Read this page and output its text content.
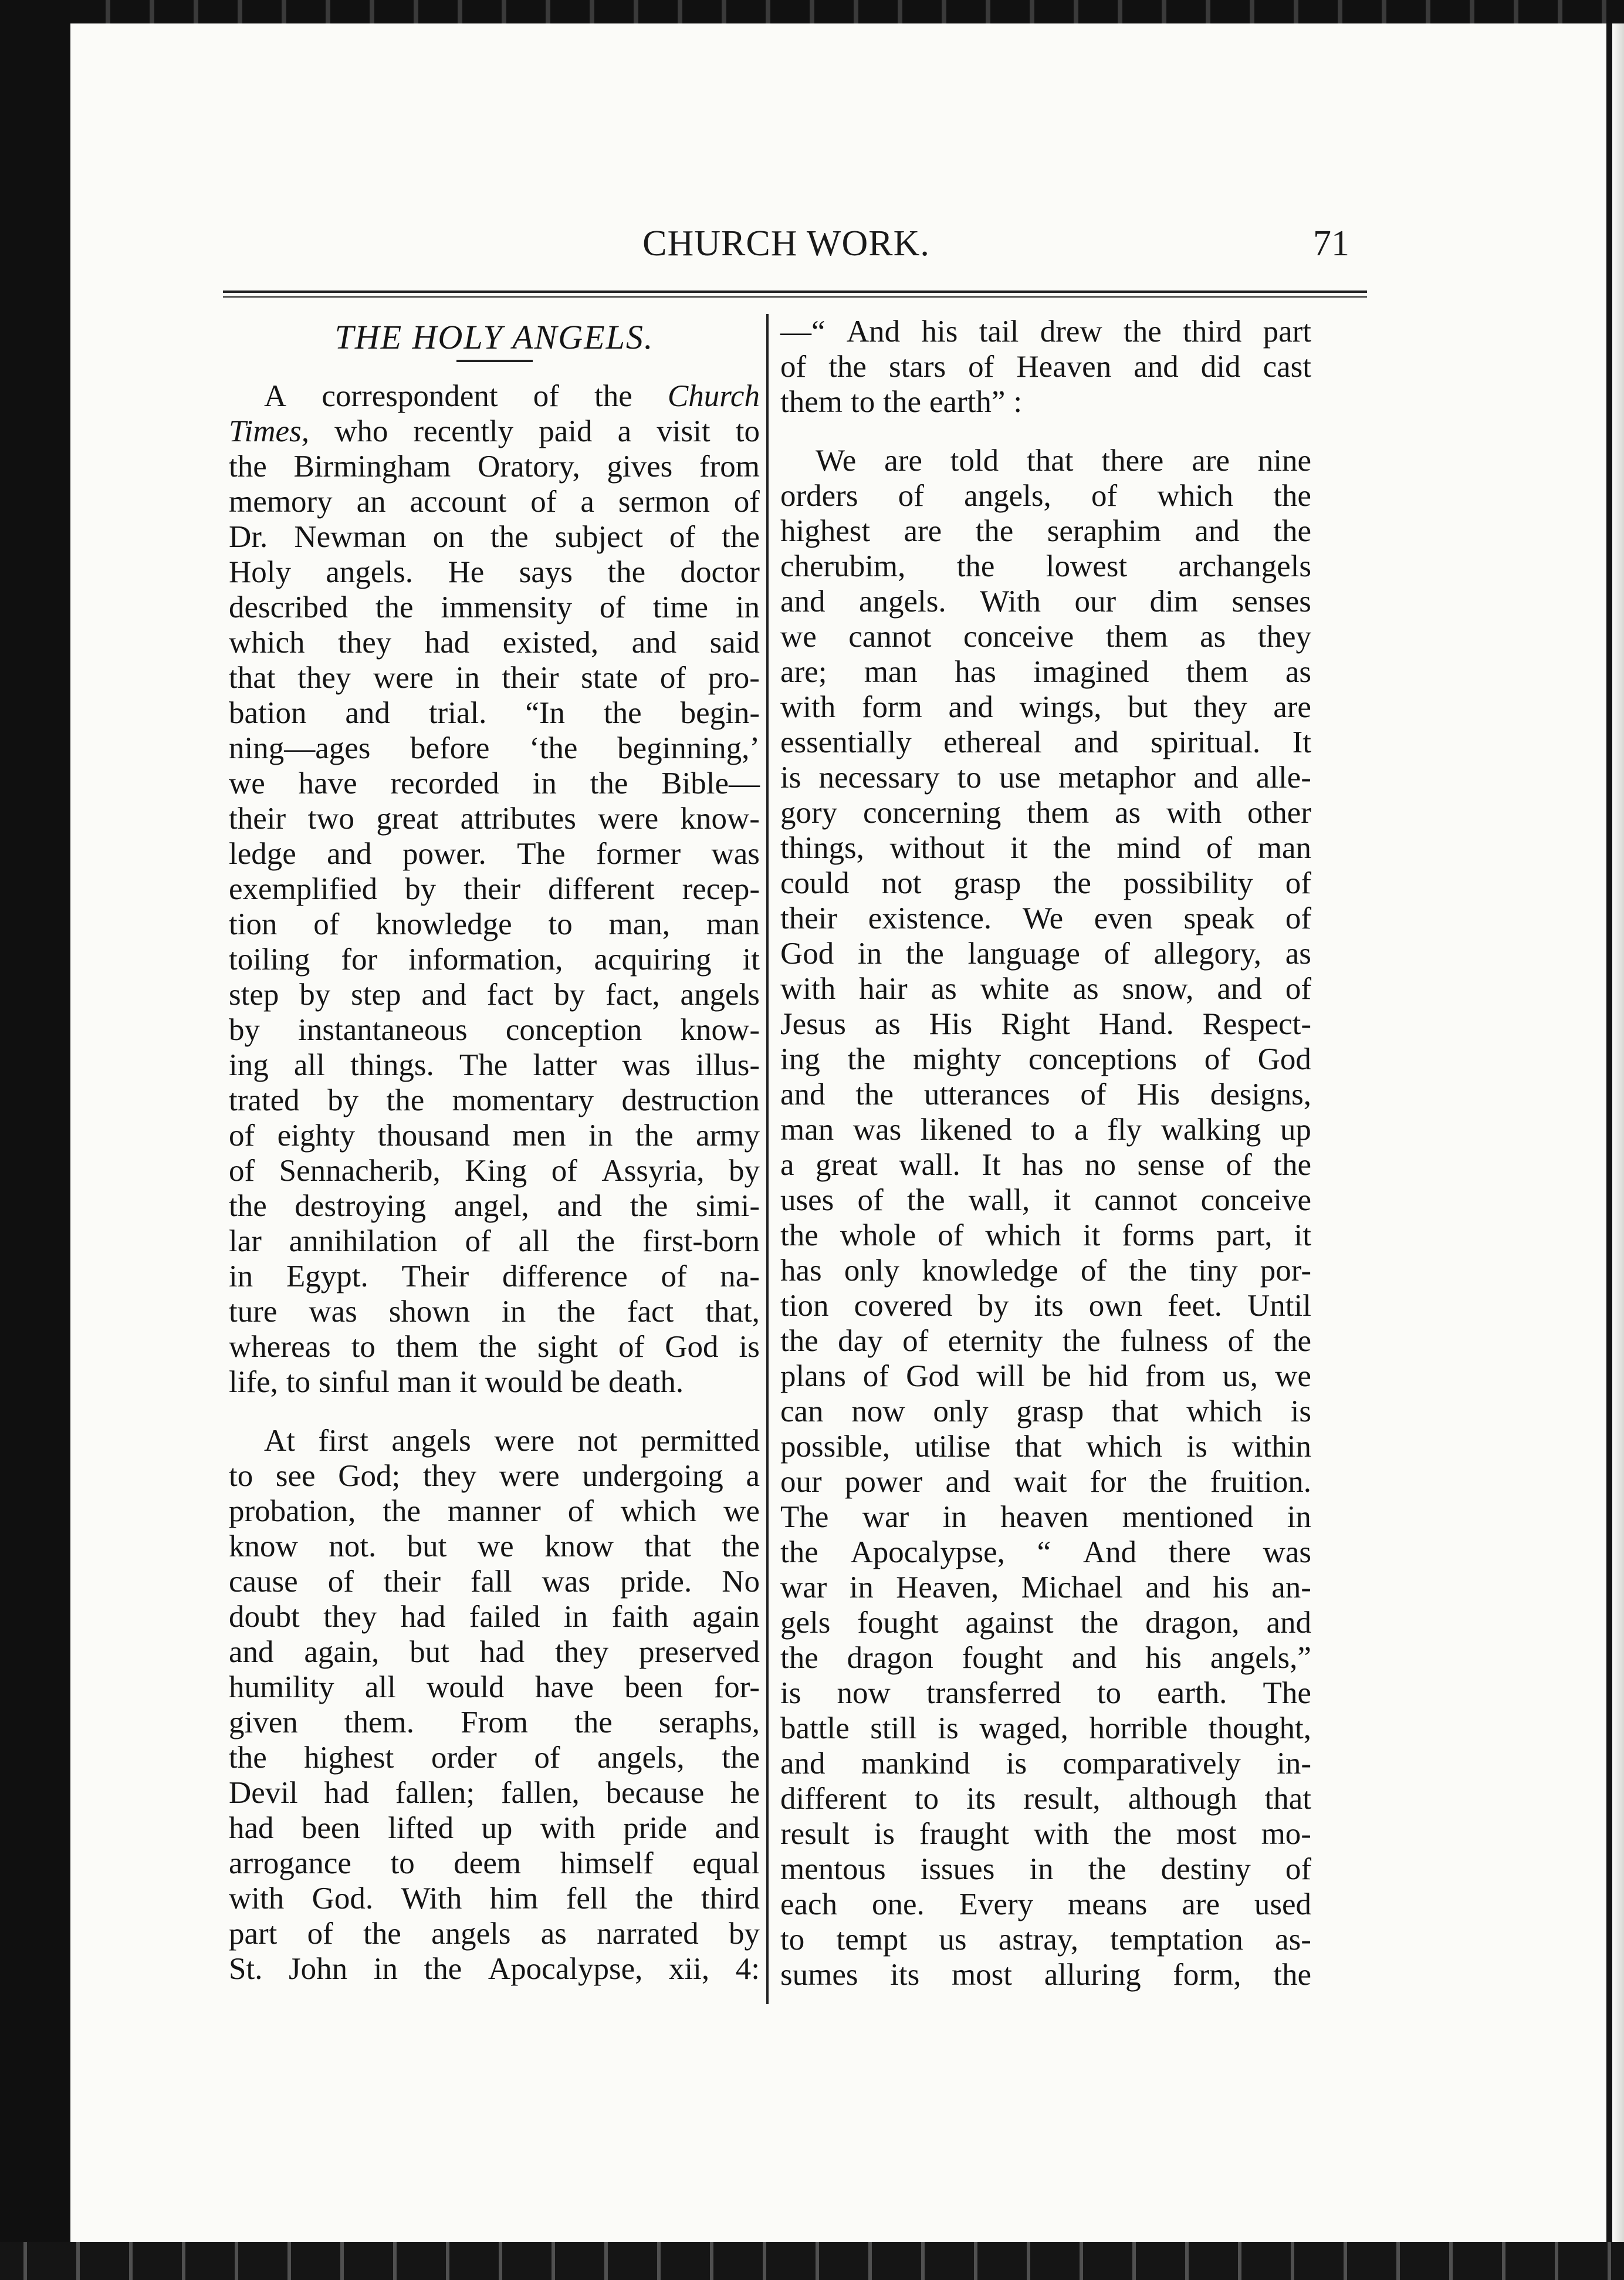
CHURCH WORK.	71
THE HOLY ANGELS.
A correspondent of the Church
Times, who recently paid a visit to
the Birmingham Oratory, gives from
memory an account of a sermon of
Dr. Newman on the subject of the
Holy angels. He says the doctor
described the immensity of time in
which they had existed, and said
that they were in their state of pro-
bation and trial. “In the begin-
ning—ages before ‘the beginning,’
we have recorded in the Bible—
their two great attributes were know-
ledge and power. The former was
exemplified by their different recep-
tion of knowledge to man, man
toiling for information, acquiring it
step by step and fact by fact, angels
by instantaneous conception know-
ing all things. The latter was illus-
trated by the momentary destruction
of eighty thousand men in the army
of Sennacherib, King of Assyria, by
the destroying angel, and the simi-
lar annihilation of all the first-born
in Egypt. Their difference of na-
ture was shown in the fact that,
whereas to them the sight of God is
life, to sinful man it would be death.
At first angels were not permitted
to see God; they were undergoing a
probation, the manner of which we
know not. but we know that the
cause of their fall was pride. No
doubt they had failed in faith again
and again, but had they preserved
humility all would have been for-
given them. From the seraphs,
the highest order of angels, the
Devil had fallen; fallen, because he
had been lifted up with pride and
arrogance to deem himself equal
with God. With him fell the third
part of the angels as narrated by
St. John in the Apocalypse, xii, 4:
—“ And his tail drew the third part
of the stars of Heaven and did cast
them to the earth” :
We are told that there are nine
orders of angels, of which the
highest are the seraphim and the
cherubim, the lowest archangels
and angels. With our dim senses
we cannot conceive them as they
are; man has imagined them as
with form and wings, but they are
essentially ethereal and spiritual. It
is necessary to use metaphor and alle-
gory concerning them as with other
things, without it the mind of man
could not grasp the possibility of
their existence. We even speak of
God in the language of allegory, as
with hair as white as snow, and of
Jesus as His Right Hand. Respect-
ing the mighty conceptions of God
and the utterances of His designs,
man was likened to a fly walking up
a great wall. It has no sense of the
uses of the wall, it cannot conceive
the whole of which it forms part, it
has only knowledge of the tiny por-
tion covered by its own feet. Until
the day of eternity the fulness of the
plans of God will be hid from us, we
can now only grasp that which is
possible, utilise that which is within
our power and wait for the fruition.
The war in heaven mentioned in
the Apocalypse, “ And there was
war in Heaven, Michael and his an-
gels fought against the dragon, and
the dragon fought and his angels,”
is now transferred to earth. The
battle still is waged, horrible thought,
and mankind is comparatively in-
different to its result, although that
result is fraught with the most mo-
mentous issues in the destiny of
each one. Every means are used
to tempt us astray, temptation as-
sumes its most alluring form, the
